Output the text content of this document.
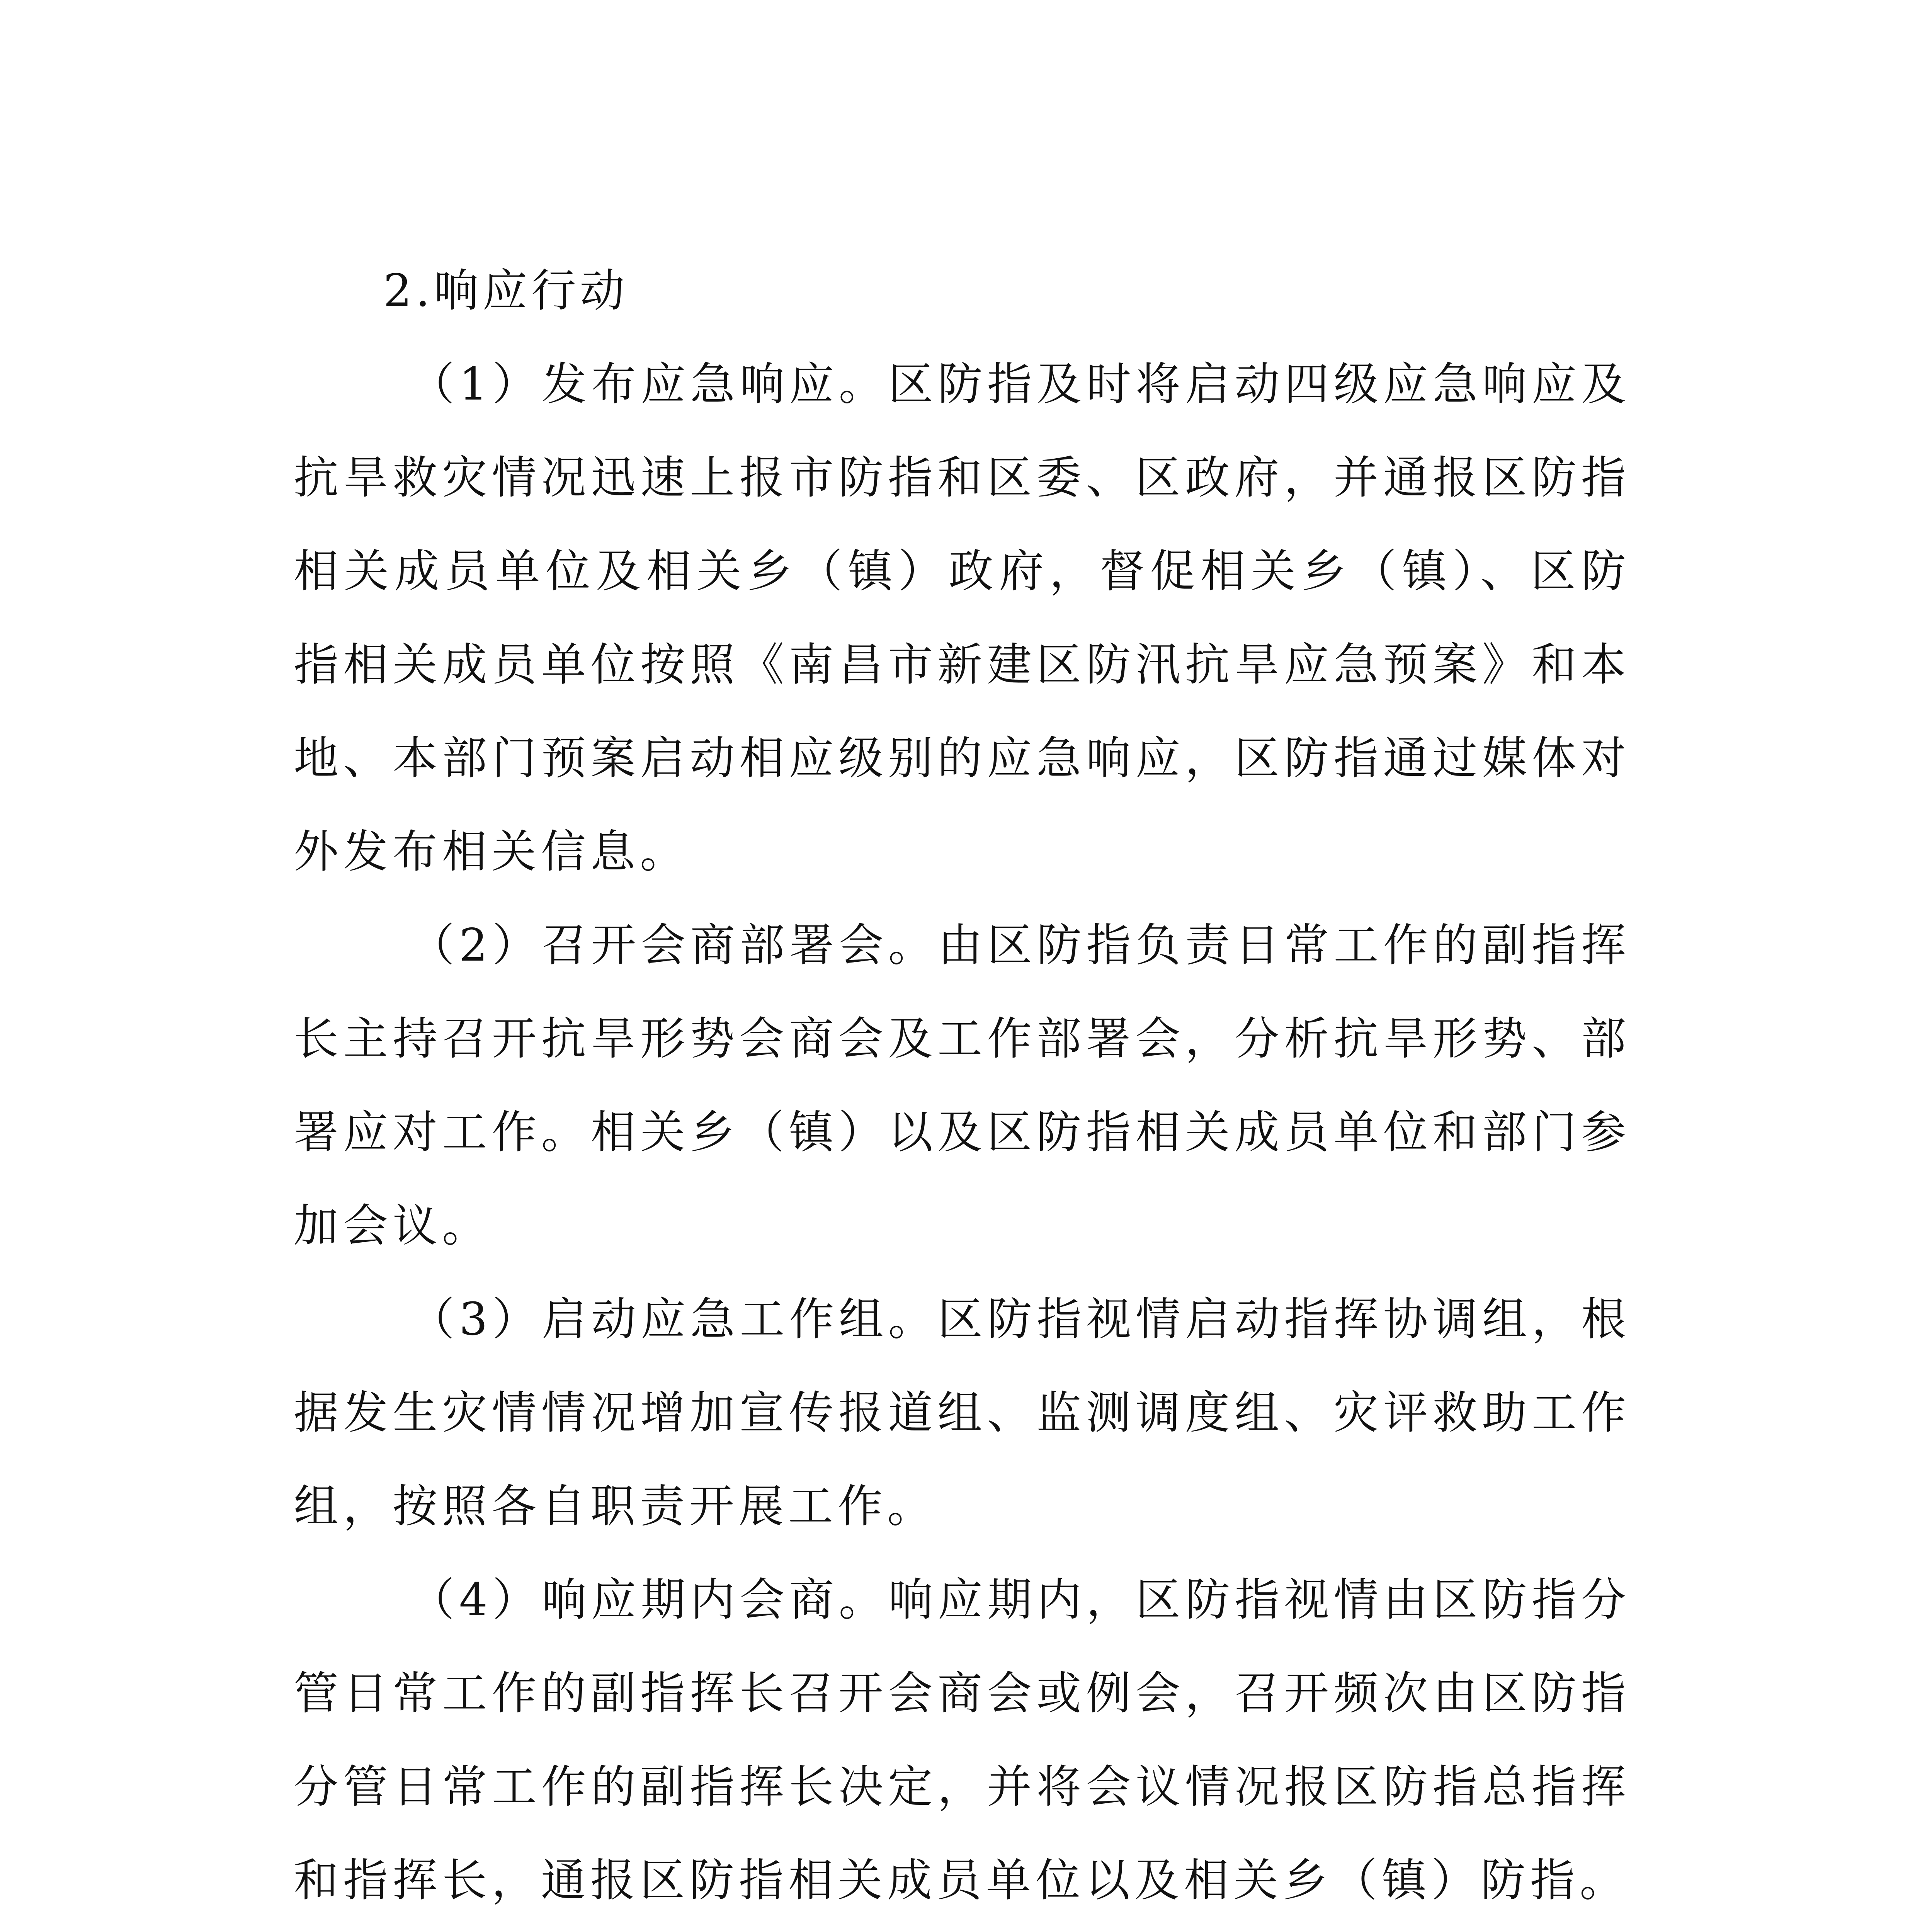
2.响应行动

（1）发布应急响应。区防指及时将启动四级应急响应及抗旱救灾情况迅速上报市防指和区委、区政府，并通报区防指相关成员单位及相关乡（镇）政府，督促相关乡（镇）、区防指相关成员单位按照《南昌市新建区防汛抗旱应急预案》和本地、本部门预案启动相应级别的应急响应，区防指通过媒体对外发布相关信息。

（2）召开会商部署会。由区防指负责日常工作的副指挥长主持召开抗旱形势会商会及工作部署会，分析抗旱形势、部署应对工作。相关乡（镇）以及区防指相关成员单位和部门参加会议。

（3）启动应急工作组。区防指视情启动指挥协调组，根据发生灾情情况增加宣传报道组、监测调度组、灾评救助工作组，按照各自职责开展工作。

（4）响应期内会商。响应期内，区防指视情由区防指分管日常工作的副指挥长召开会商会或例会，召开频次由区防指分管日常工作的副指挥长决定，并将会议情况报区防指总指挥和指挥长，通报区防指相关成员单位以及相关乡（镇）防指。
